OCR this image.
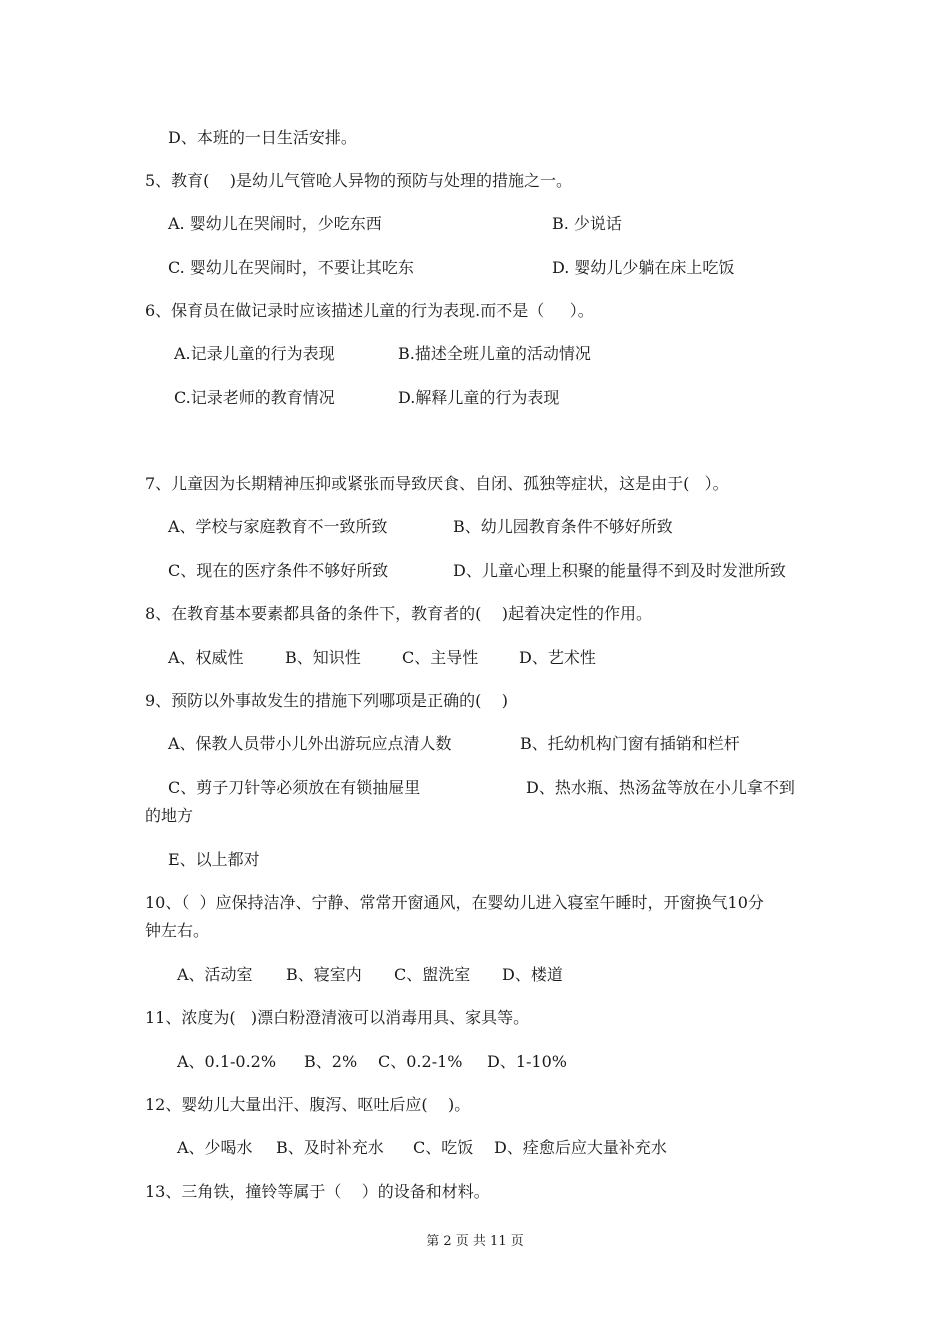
D、本班的一日生活安排。
5、教育(    )是幼儿气管呛人异物的预防与处理的措施之一。
A. 婴幼儿在哭闹时，少吃东西	B. 少说话
C. 婴幼儿在哭闹时，不要让其吃东	D. 婴幼儿少躺在床上吃饭
6、保育员在做记录时应该描述儿童的行为表现.而不是（     ）。
A.记录儿童的行为表现	B.描述全班儿童的活动情况
C.记录老师的教育情况	D.解释儿童的行为表现
7、儿童因为长期精神压抑或紧张而导致厌食、自闭、孤独等症状，这是由于(   ）。
A、学校与家庭教育不一致所致	B、幼儿园教育条件不够好所致
C、现在的医疗条件不够好所致	D、儿童心理上积聚的能量得不到及时发泄所致
8、在教育基本要素都具备的条件下，教育者的(    )起着决定性的作用。
A、权威性	B、知识性	C、主导性	D、艺术性
9、预防以外事故发生的措施下列哪项是正确的(    )
A、保教人员带小儿外出游玩应点清人数	B、托幼机构门窗有插销和栏杆
C、剪子刀针等必须放在有锁抽屉里	D、热水瓶、热汤盆等放在小儿拿不到
的地方
E、以上都对
10、（  ）应保持洁净、宁静、常常开窗通风，在婴幼儿进入寝室午睡时，开窗换气10分
钟左右。
A、活动室 B、寝室内 C、盥洗室 D、楼道
11、浓度为(   )漂白粉澄清液可以消毒用具、家具等。
A、0.1-0.2% B、2% C、0.2-1% D、1-10%
12、婴幼儿大量出汗、腹泻、呕吐后应(    )。
A、少喝水 B、及时补充水 C、吃饭 D、痊愈后应大量补充水
13、三角铁，撞铃等属于（    ）的设备和材料。
第 2 页 共 11 页
